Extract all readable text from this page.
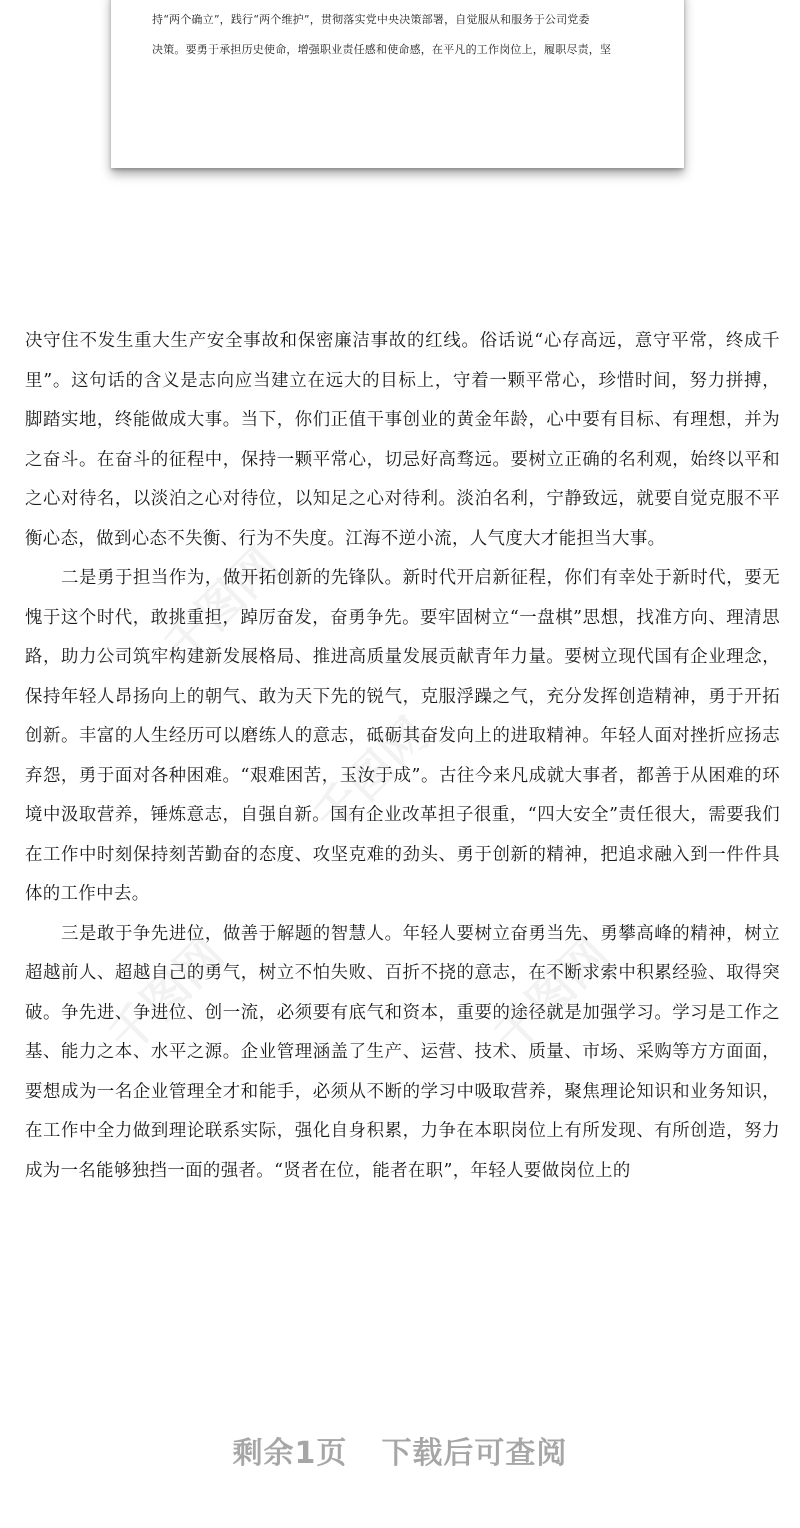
持“两个确立”，践行“两个维护”，贯彻落实党中央决策部署，自觉服从和服务于公司党委
决策。要勇于承担历史使命，增强职业责任感和使命感，在平凡的工作岗位上，履职尽责，坚

决守住不发生重大生产安全事故和保密廉洁事故的红线。俗话说“心存高远，意守平常，终成千里”。这句话的含义是志向应当建立在远大的目标上，守着一颗平常心，珍惜时间，努力拼搏，脚踏实地，终能做成大事。当下，你们正值干事创业的黄金年龄，心中要有目标、有理想，并为之奋斗。在奋斗的征程中，保持一颗平常心，切忌好高骛远。要树立正确的名利观，始终以平和之心对待名，以淡泊之心对待位，以知足之心对待利。淡泊名利，宁静致远，就要自觉克服不平衡心态，做到心态不失衡、行为不失度。江海不逆小流，人气度大才能担当大事。

二是勇于担当作为，做开拓创新的先锋队。新时代开启新征程，你们有幸处于新时代，要无愧于这个时代，敢挑重担，踔厉奋发，奋勇争先。要牢固树立“一盘棋”思想，找准方向、理清思路，助力公司筑牢构建新发展格局、推进高质量发展贡献青年力量。要树立现代国有企业理念，保持年轻人昂扬向上的朝气、敢为天下先的锐气，克服浮躁之气，充分发挥创造精神，勇于开拓创新。丰富的人生经历可以磨练人的意志，砥砺其奋发向上的进取精神。年轻人面对挫折应扬志弃怨，勇于面对各种困难。“艰难困苦，玉汝于成”。古往今来凡成就大事者，都善于从困难的环境中汲取营养，锤炼意志，自强自新。国有企业改革担子很重，“四大安全”责任很大，需要我们在工作中时刻保持刻苦勤奋的态度、攻坚克难的劲头、勇于创新的精神，把追求融入到一件件具体的工作中去。

三是敢于争先进位，做善于解题的智慧人。年轻人要树立奋勇当先、勇攀高峰的精神，树立超越前人、超越自己的勇气，树立不怕失败、百折不挠的意志，在不断求索中积累经验、取得突破。争先进、争进位、创一流，必须要有底气和资本，重要的途径就是加强学习。学习是工作之基、能力之本、水平之源。企业管理涵盖了生产、运营、技术、质量、市场、采购等方方面面，要想成为一名企业管理全才和能手，必须从不断的学习中吸取营养，聚焦理论知识和业务知识，在工作中全力做到理论联系实际，强化自身积累，力争在本职岗位上有所发现、有所创造，努力成为一名能够独挡一面的强者。“贤者在位，能者在职”，年轻人要做岗位上的

千图网
千图网
千图网	千图网
剩余1页 下载后可查阅
